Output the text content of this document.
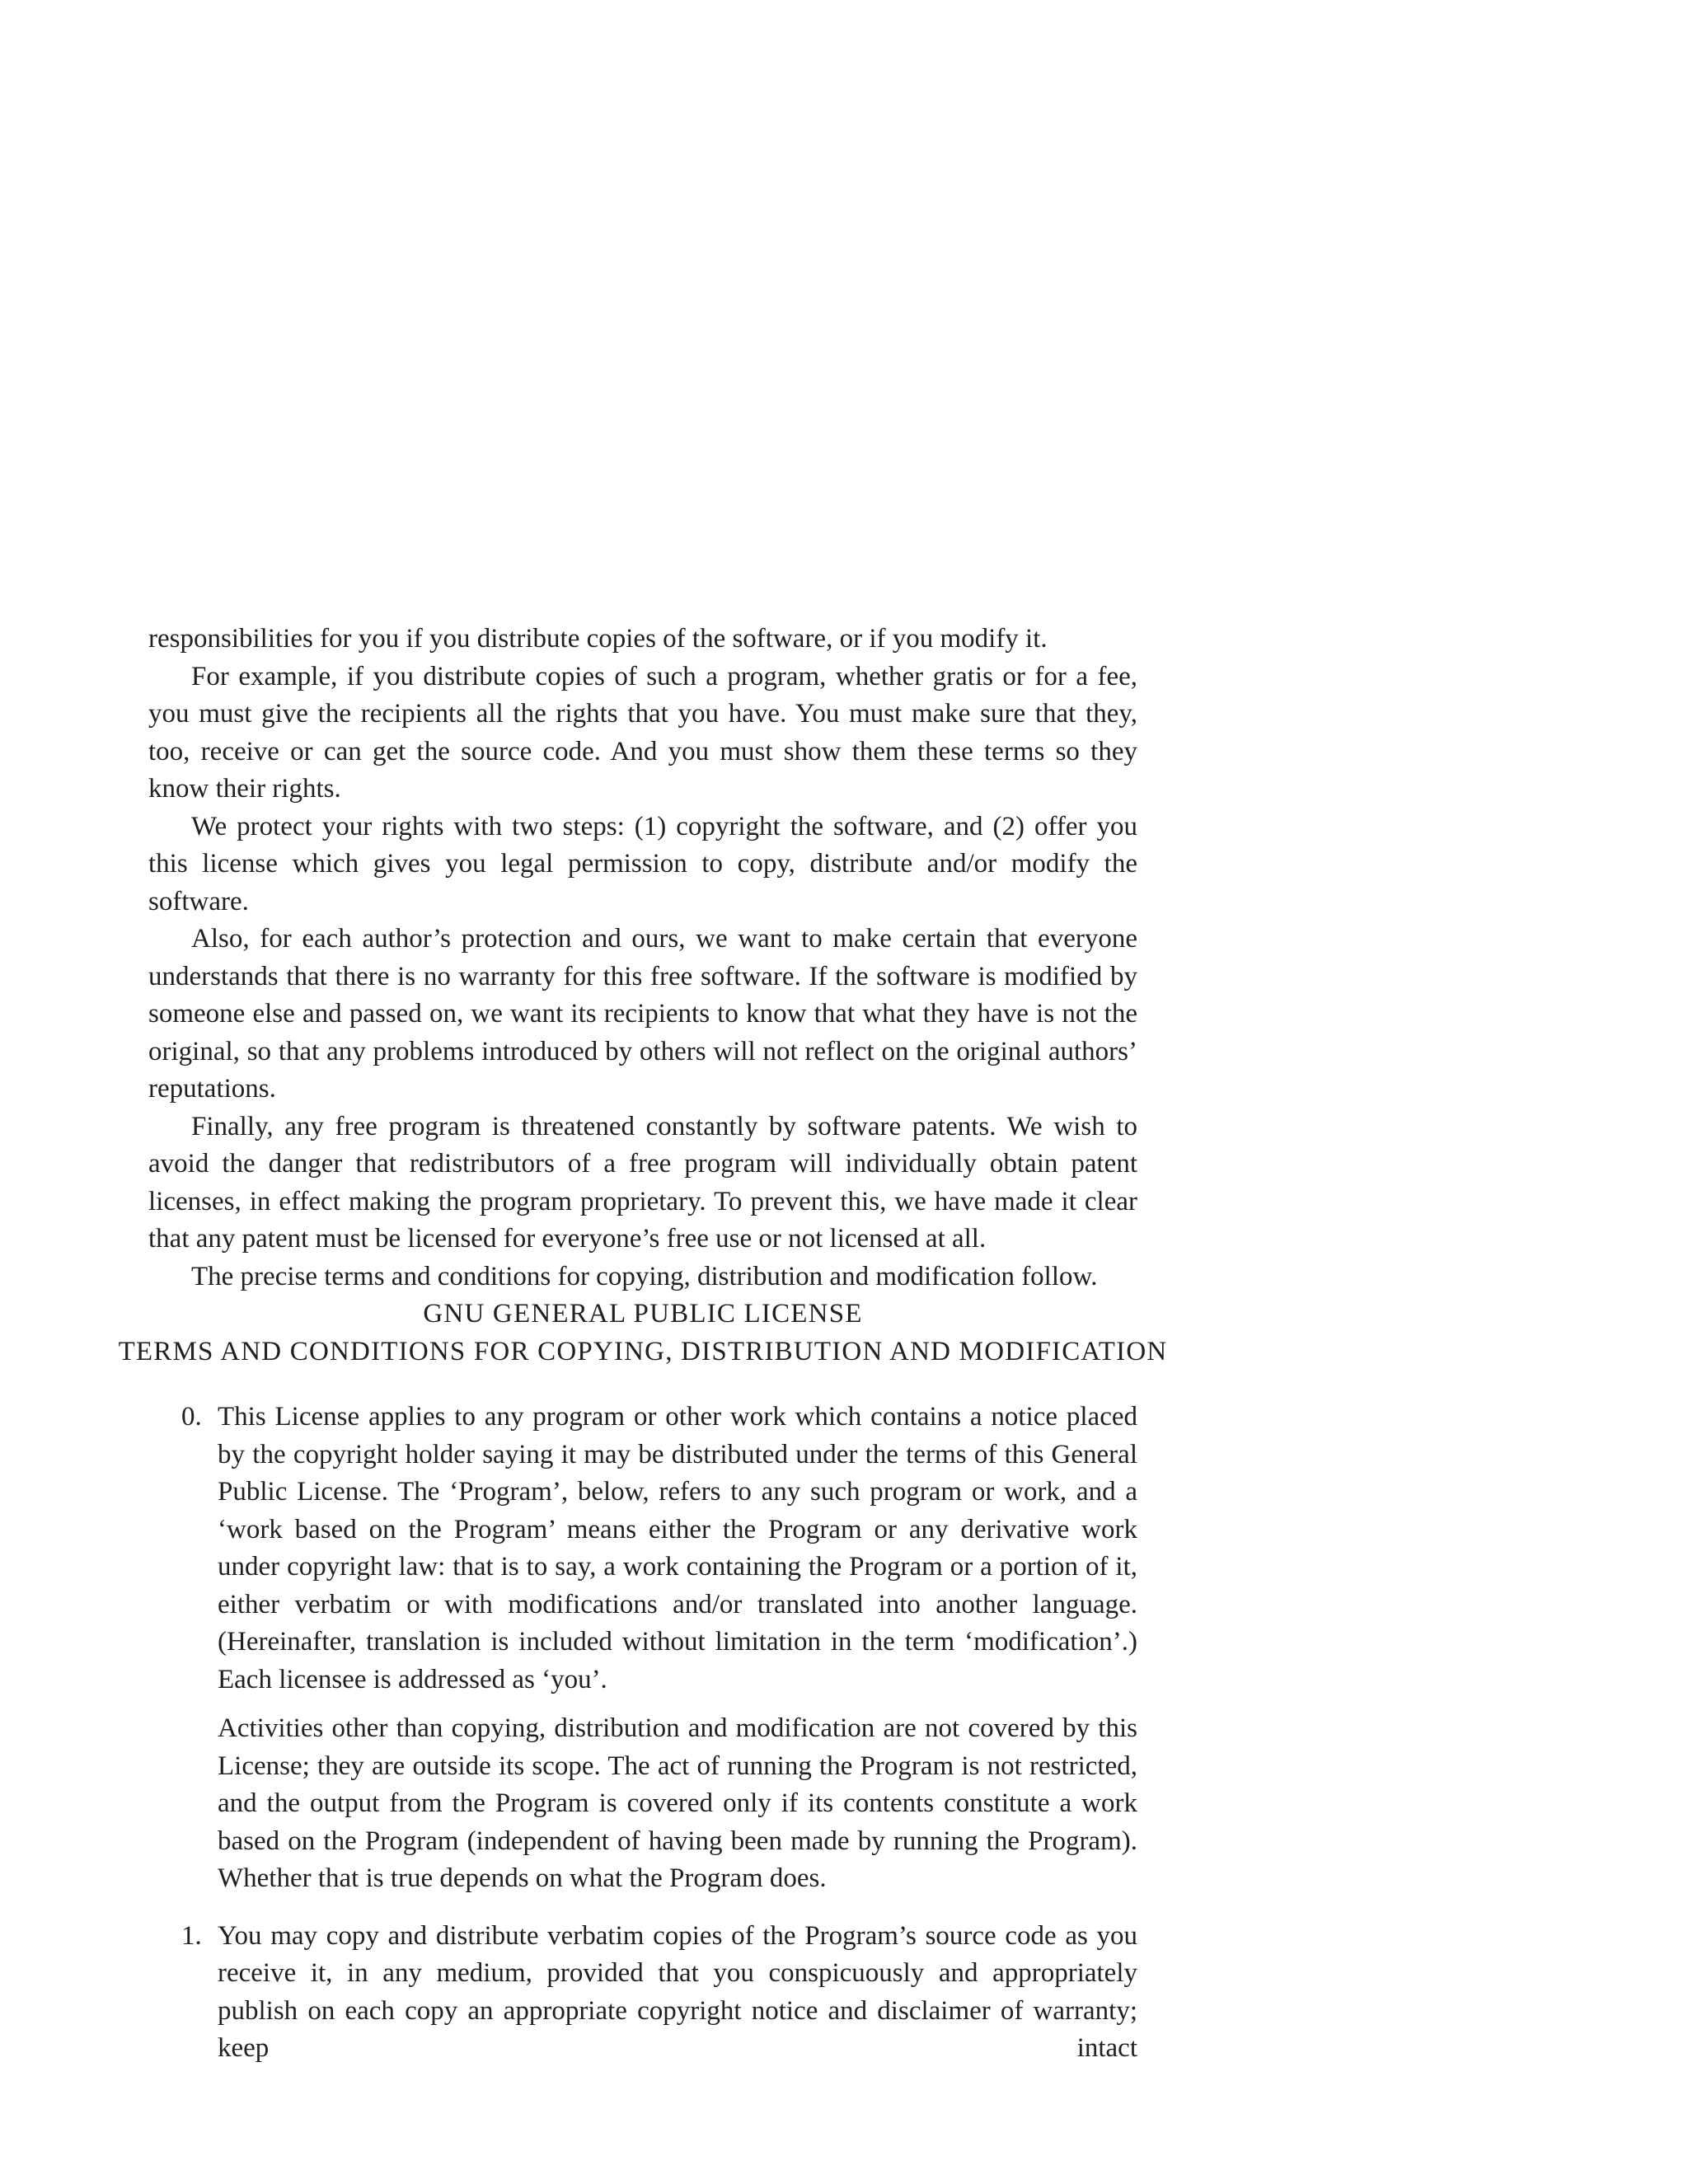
responsibilities for you if you distribute copies of the software, or if you modify it.

For example, if you distribute copies of such a program, whether gratis or for a fee, you must give the recipients all the rights that you have. You must make sure that they, too, receive or can get the source code. And you must show them these terms so they know their rights.

We protect your rights with two steps: (1) copyright the software, and (2) offer you this license which gives you legal permission to copy, distribute and/or modify the software.

Also, for each author’s protection and ours, we want to make certain that everyone understands that there is no warranty for this free software. If the software is modified by someone else and passed on, we want its recipients to know that what they have is not the original, so that any problems introduced by others will not reflect on the original authors’ reputations.

Finally, any free program is threatened constantly by software patents. We wish to avoid the danger that redistributors of a free program will individually obtain patent licenses, in effect making the program proprietary. To prevent this, we have made it clear that any patent must be licensed for everyone’s free use or not licensed at all.

The precise terms and conditions for copying, distribution and modification follow.

GNU GENERAL PUBLIC LICENSE
TERMS AND CONDITIONS FOR COPYING, DISTRIBUTION AND MODIFICATION
0. This License applies to any program or other work which contains a notice placed by the copyright holder saying it may be distributed under the terms of this General Public License. The ‘Program’, below, refers to any such program or work, and a ‘work based on the Program’ means either the Program or any derivative work under copyright law: that is to say, a work containing the Program or a portion of it, either verbatim or with modifications and/or translated into another language. (Hereinafter, translation is included without limitation in the term ‘modification’.) Each licensee is addressed as ‘you’.

Activities other than copying, distribution and modification are not covered by this License; they are outside its scope. The act of running the Program is not restricted, and the output from the Program is covered only if its contents constitute a work based on the Program (independent of having been made by running the Program). Whether that is true depends on what the Program does.

1. You may copy and distribute verbatim copies of the Program’s source code as you receive it, in any medium, provided that you conspicuously and appropriately publish on each copy an appropriate copyright notice and disclaimer of warranty; keep intact
